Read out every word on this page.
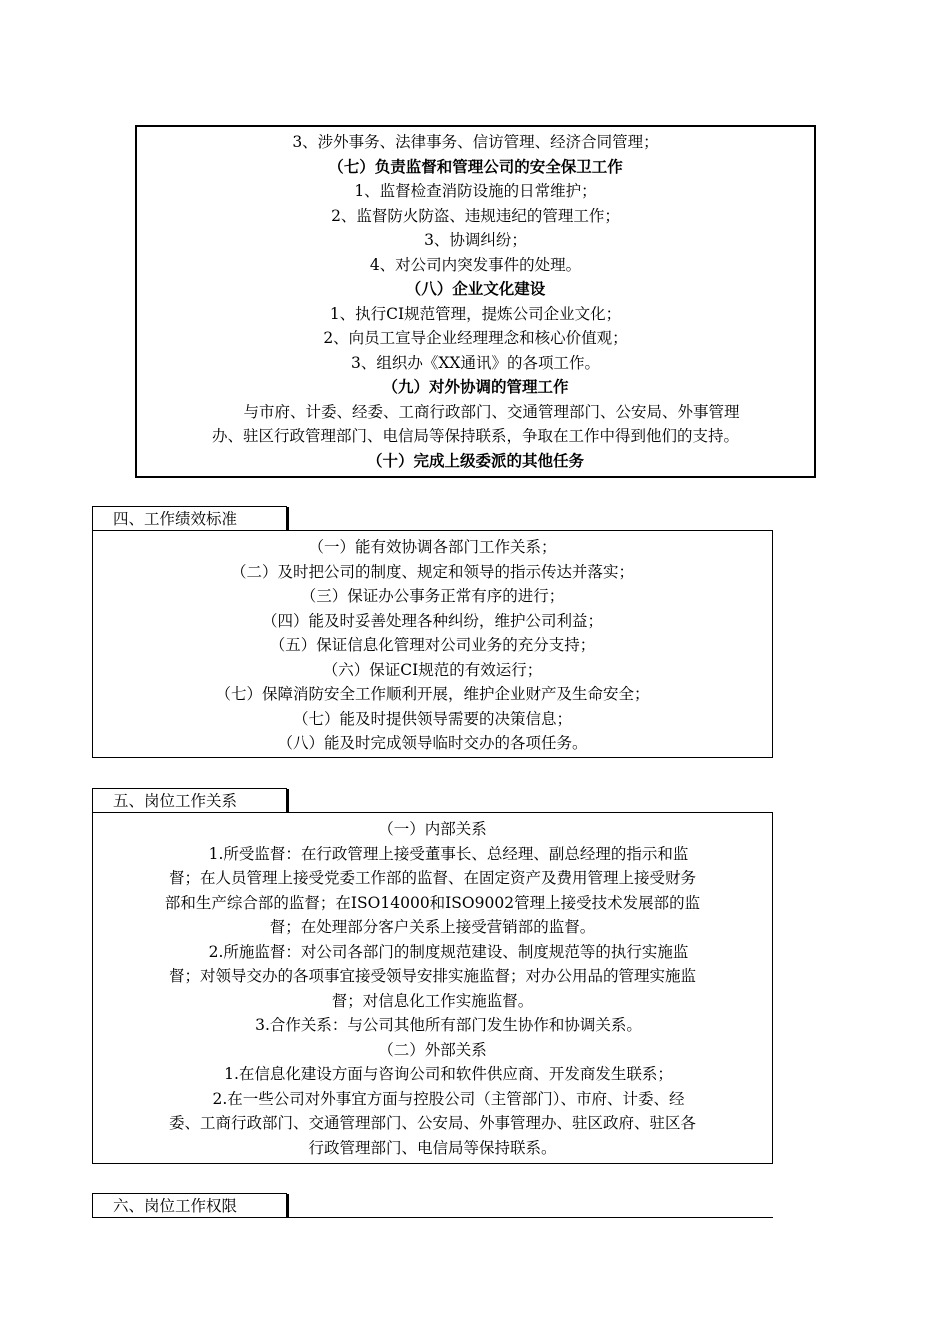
3、涉外事务、法律事务、信访管理、经济合同管理；
（七）负责监督和管理公司的安全保卫工作
1、监督检查消防设施的日常维护；
2、监督防火防盗、违规违纪的管理工作；
3、协调纠纷；
4、对公司内突发事件的处理。
（八）企业文化建设
1、执行CI规范管理，提炼公司企业文化；
2、向员工宣导企业经理理念和核心价值观；
3、组织办《XX通讯》的各项工作。
（九）对外协调的管理工作
与市府、计委、经委、工商行政部门、交通管理部门、公安局、外事管理
办、驻区行政管理部门、电信局等保持联系，争取在工作中得到他们的支持。
（十）完成上级委派的其他任务
四、工作绩效标准
（一）能有效协调各部门工作关系；
（二）及时把公司的制度、规定和领导的指示传达并落实；
（三）保证办公事务正常有序的进行；
（四）能及时妥善处理各种纠纷，维护公司利益；
（五）保证信息化管理对公司业务的充分支持；
（六）保证CI规范的有效运行；
（七）保障消防安全工作顺利开展，维护企业财产及生命安全；
（七）能及时提供领导需要的决策信息；
（八）能及时完成领导临时交办的各项任务。
五、岗位工作关系
（一）内部关系
1.所受监督：在行政管理上接受董事长、总经理、副总经理的指示和监
督；在人员管理上接受党委工作部的监督、在固定资产及费用管理上接受财务
部和生产综合部的监督；在ISO14000和ISO9002管理上接受技术发展部的监
督；在处理部分客户关系上接受营销部的监督。
2.所施监督：对公司各部门的制度规范建设、制度规范等的执行实施监
督；对领导交办的各项事宜接受领导安排实施监督；对办公用品的管理实施监
督；对信息化工作实施监督。
3.合作关系：与公司其他所有部门发生协作和协调关系。
（二）外部关系
1.在信息化建设方面与咨询公司和软件供应商、开发商发生联系；
2.在一些公司对外事宜方面与控股公司（主管部门）、市府、计委、经
委、工商行政部门、交通管理部门、公安局、外事管理办、驻区政府、驻区各
行政管理部门、电信局等保持联系。
六、岗位工作权限
